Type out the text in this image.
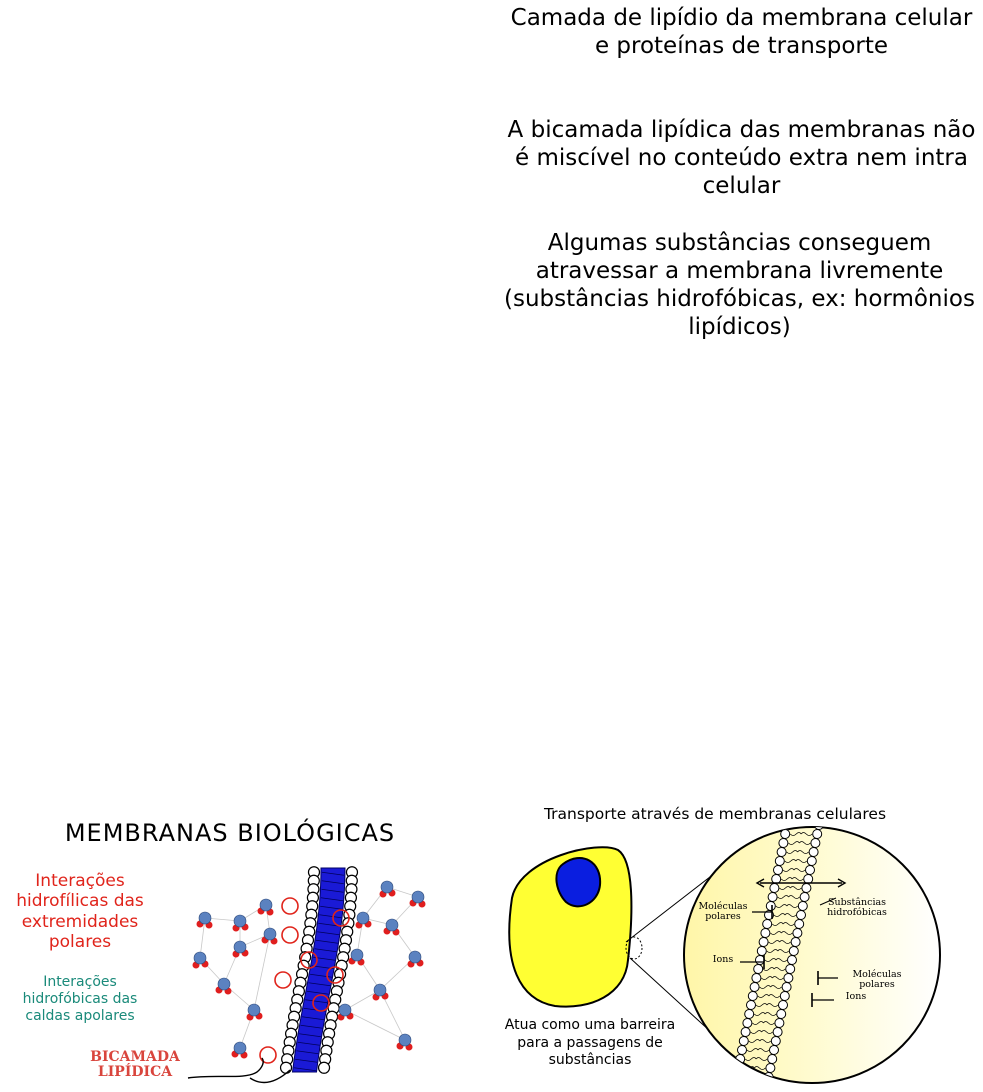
Camada de lipídio da membrana celular e proteínas de transporte
A bicamada lipídica das membranas não é miscível no conteúdo extra nem intra celular
Algumas substâncias conseguem atravessar a membrana livremente (substâncias hidrofóbicas, ex: hormônios lipídicos)
MEMBRANAS BIOLÓGICAS
Interações hidrofílicas das extremidades polares
Interações hidrofóbicas das caldas apolares
BICAMADA LIPÍDICA
Transporte através de membranas celulares
Atua como uma barreira para a passagens de substâncias
Moléculas polares
Substâncias hidrofóbicas
Ions
Moléculas polares
Ions
